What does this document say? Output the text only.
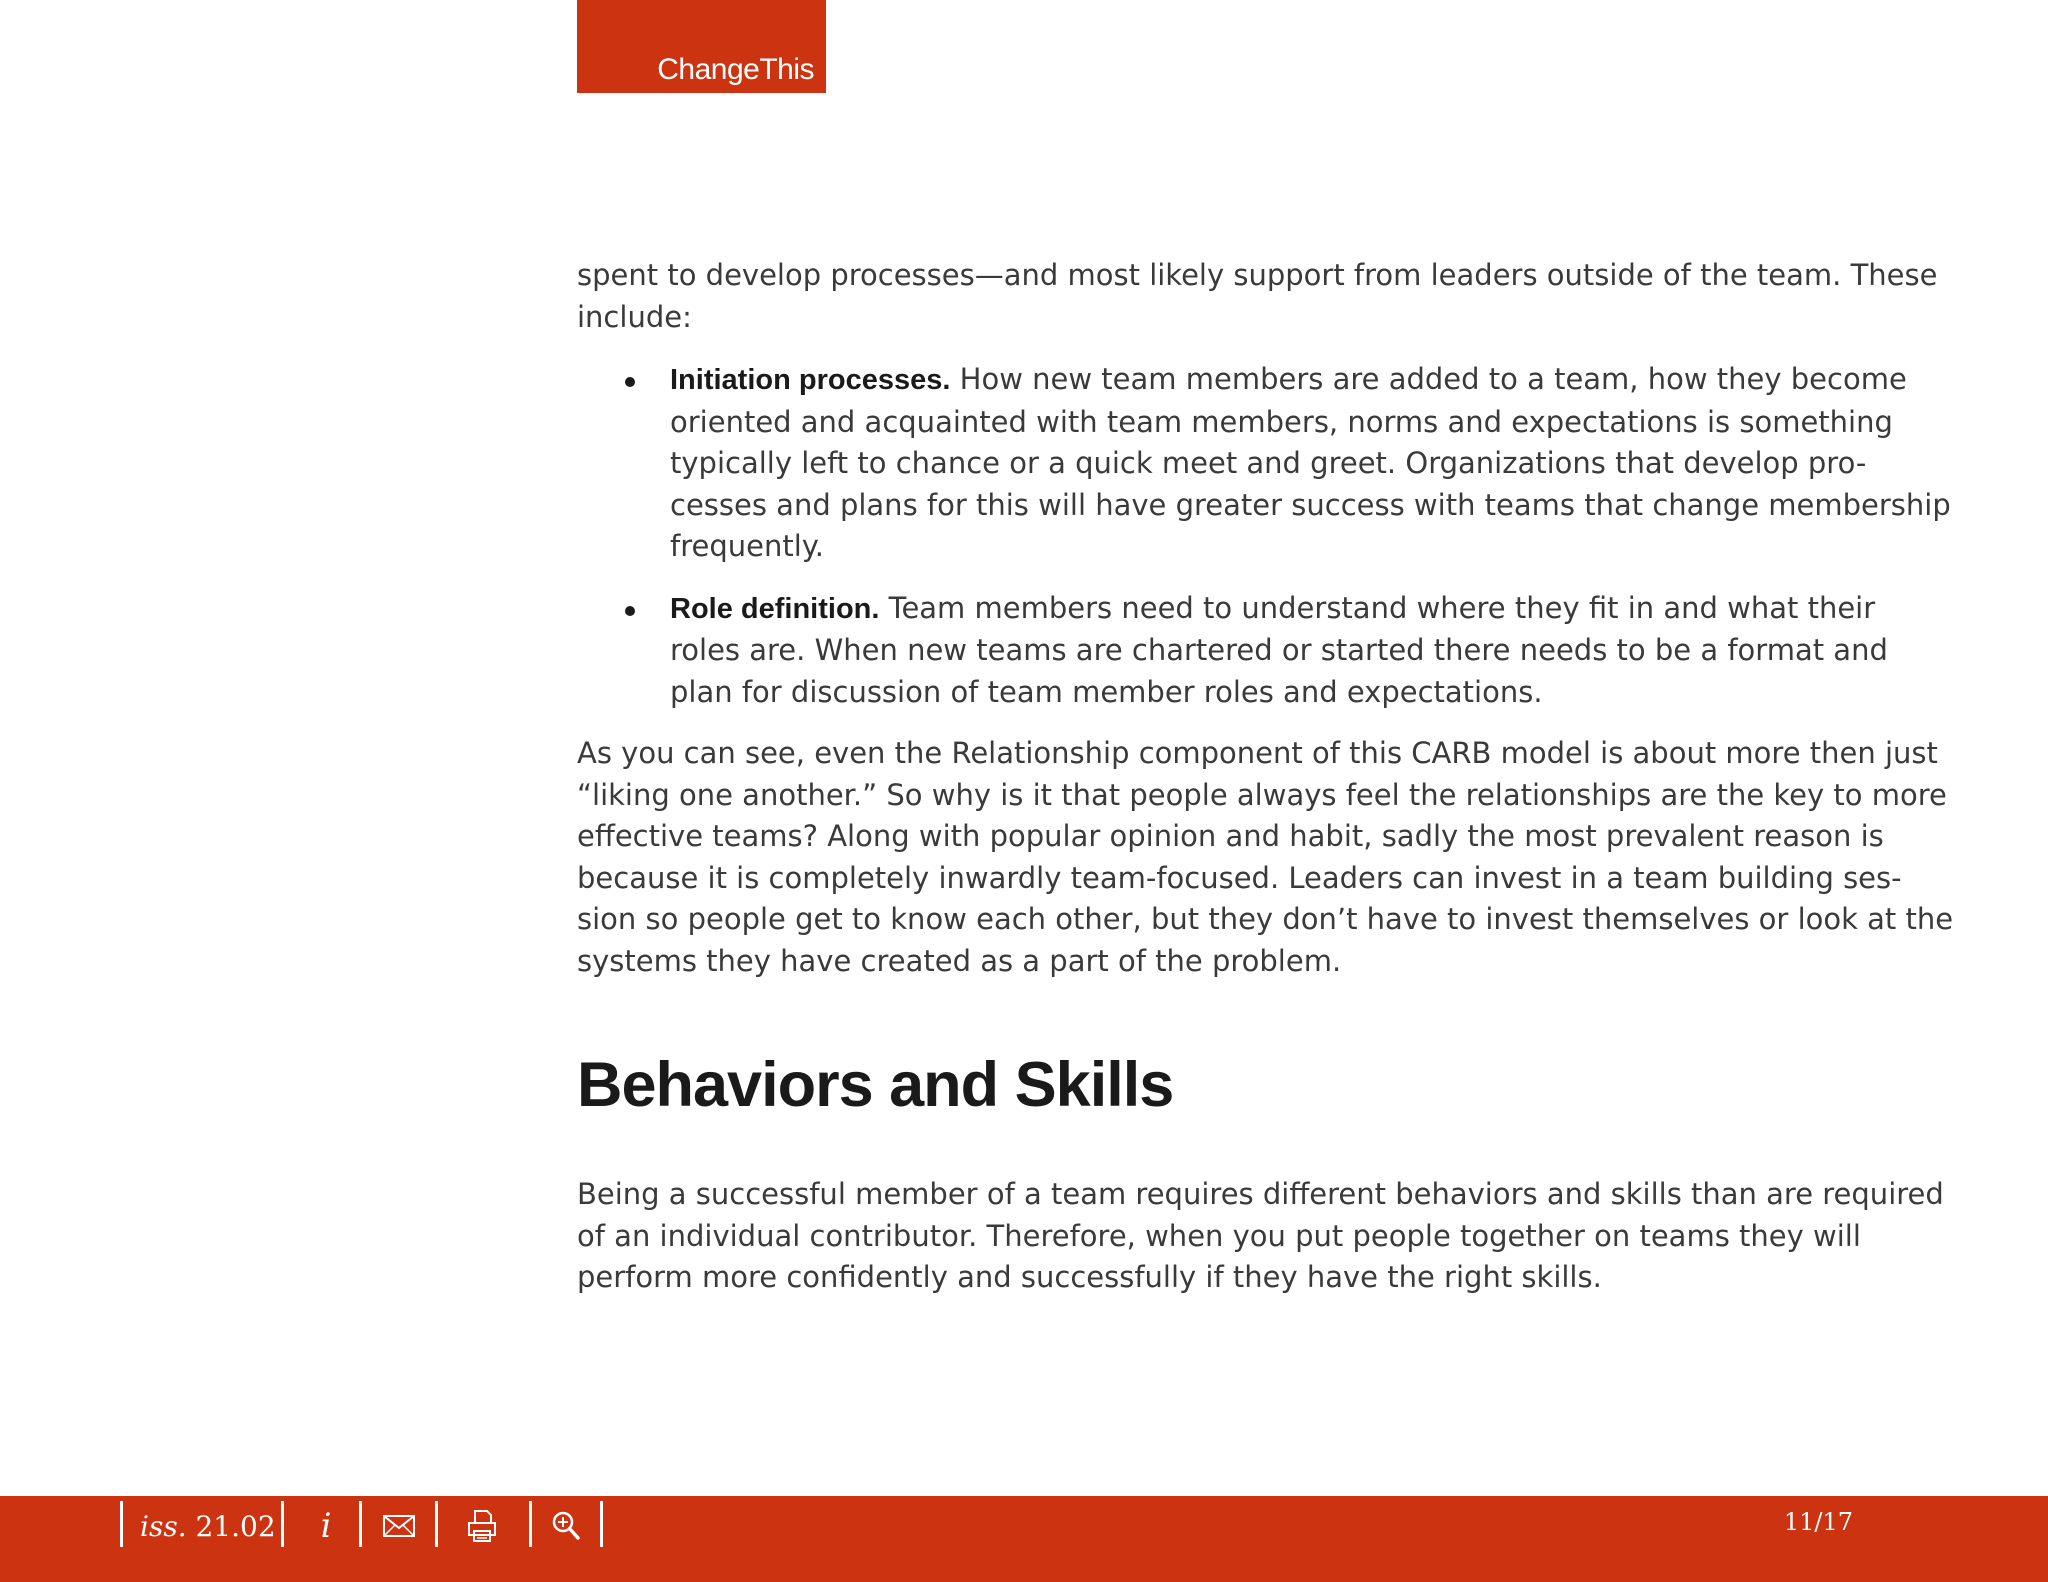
ChangeThis

spent to develop processes—and most likely support from leaders outside of the team. These
include:

Initiation processes. How new team members are added to a team, how they become
oriented and acquainted with team members, norms and expectations is something
typically left to chance or a quick meet and greet. Organizations that develop pro-
cesses and plans for this will have greater success with teams that change membership
frequently.
Role definition. Team members need to understand where they fit in and what their
roles are. When new teams are chartered or started there needs to be a format and
plan for discussion of team member roles and expectations.

As you can see, even the Relationship component of this CARB model is about more then just
“liking one another.” So why is it that people always feel the relationships are the key to more
effective teams? Along with popular opinion and habit, sadly the most prevalent reason is
because it is completely inwardly team-focused. Leaders can invest in a team building ses-
sion so people get to know each other, but they don’t have to invest themselves or look at the
systems they have created as a part of the problem.

Behaviors and Skills

Being a successful member of a team requires different behaviors and skills than are required
of an individual contributor. Therefore, when you put people together on teams they will
perform more confidently and successfully if they have the right skills.

iss. 21.02 i	11/17
